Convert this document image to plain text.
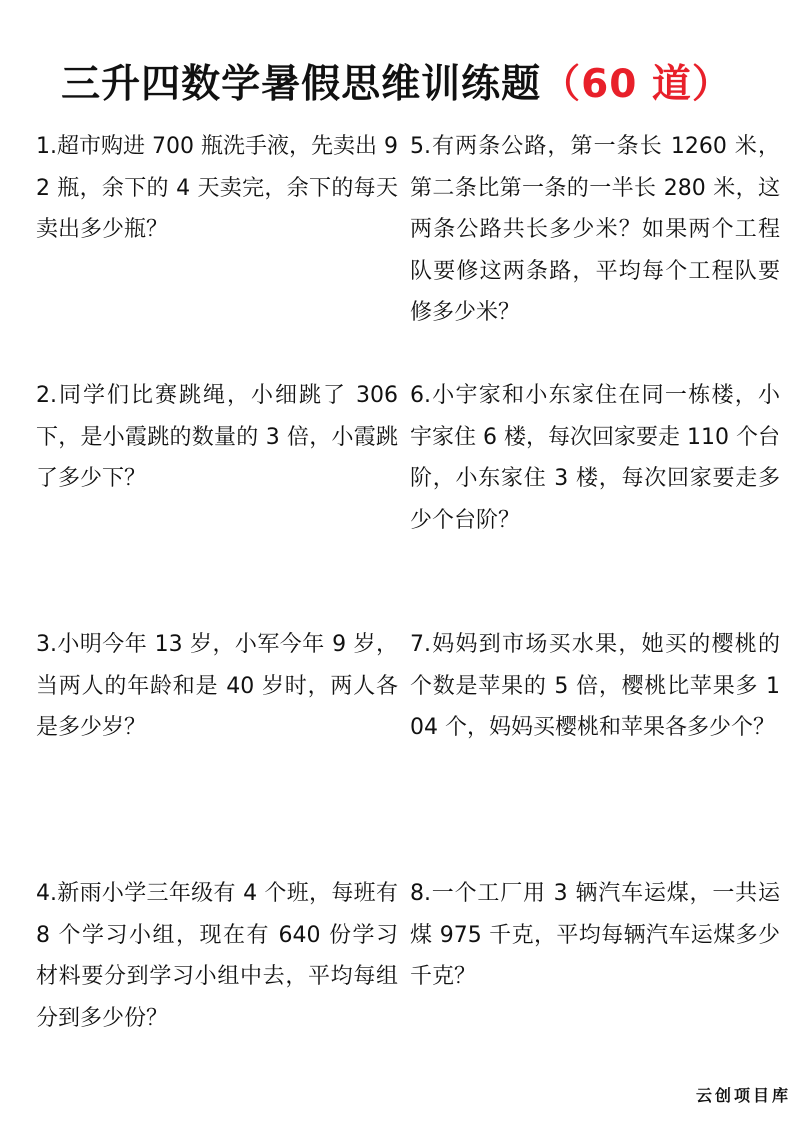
三升四数学暑假思维训练题（60 道）
1.超市购进 700 瓶洗手液，先卖出 92 瓶，余下的 4 天卖完，余下的每天卖出多少瓶？
2.同学们比赛跳绳，小细跳了 306 下，是小霞跳的数量的 3 倍，小霞跳了多少下？
3.小明今年 13 岁，小军今年 9 岁，当两人的年龄和是 40 岁时，两人各是多少岁？
4.新雨小学三年级有 4 个班，每班有 8 个学习小组，现在有 640 份学习材料要分到学习小组中去，平均每组分到多少份？
5.有两条公路，第一条长 1260 米，第二条比第一条的一半长 280 米，这两条公路共长多少米？如果两个工程队要修这两条路，平均每个工程队要修多少米？
6.小宇家和小东家住在同一栋楼，小宇家住 6 楼，每次回家要走 110 个台阶，小东家住 3 楼，每次回家要走多少个台阶？
7.妈妈到市场买水果，她买的樱桃的个数是苹果的 5 倍，樱桃比苹果多 104 个，妈妈买樱桃和苹果各多少个？
8.一个工厂用 3 辆汽车运煤，一共运煤 975 千克，平均每辆汽车运煤多少千克？
云创项目库
